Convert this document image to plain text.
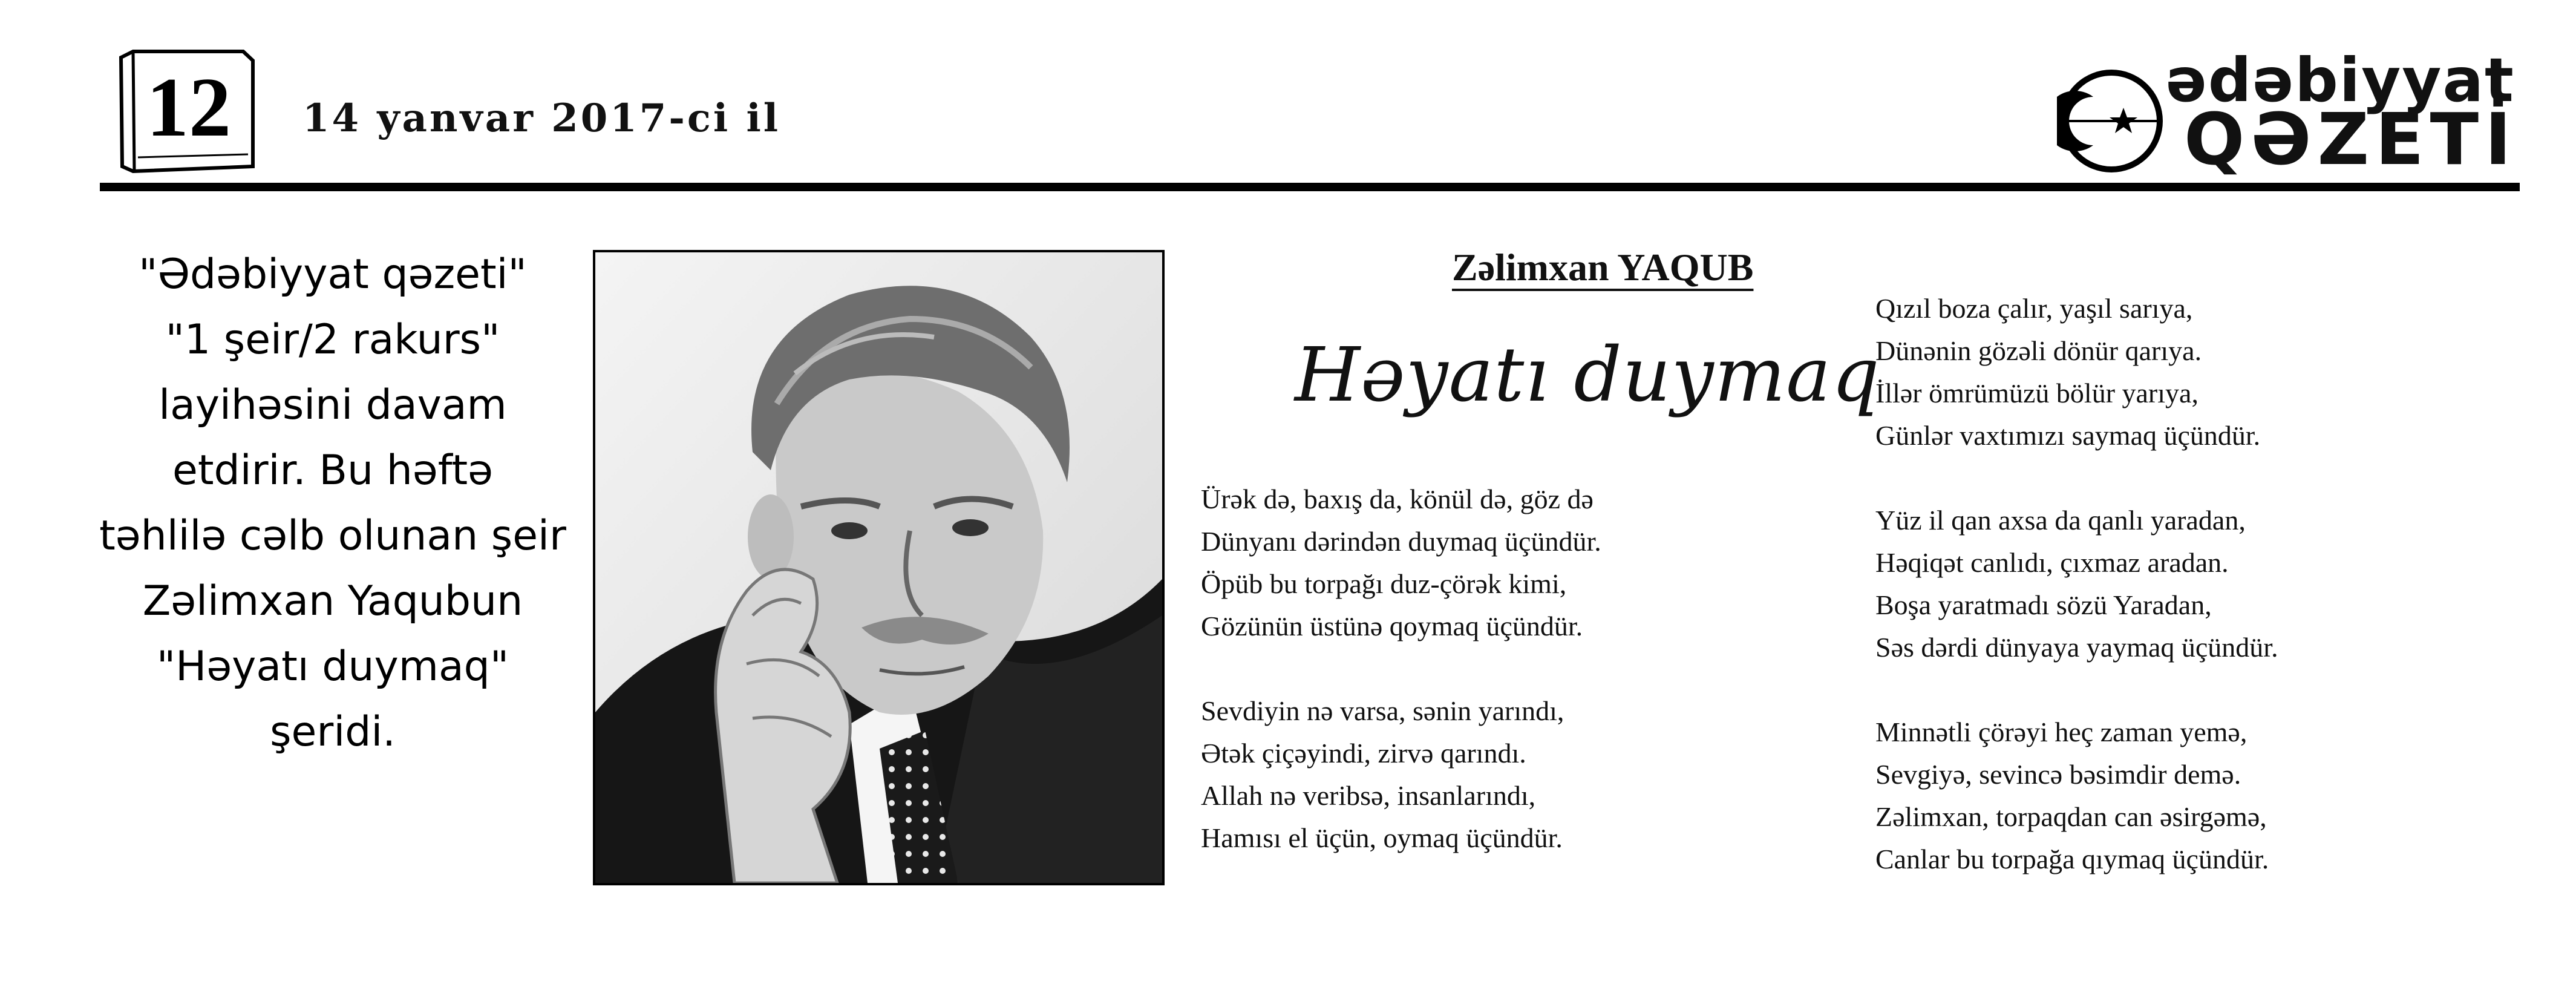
12 14 yanvar 2017-ci il
ədəbiyyat
QƏZETİ
"Ədəbiyyat qəzeti"
"1 şeir/2 rakurs"
layihəsini davam
etdirir. Bu həftə
təhlilə cəlb olunan şeir
Zəlimxan Yaqubun
"Həyatı duymaq"
şeridi.
Zəlimxan YAQUB
Həyatı duymaq
Ürək də, baxış da, könül də, göz də
Dünyanı dərindən duymaq üçündür.
Öpüb bu torpağı duz-çörək kimi,
Gözünün üstünə qoymaq üçündür.
Sevdiyin nə varsa, sənin yarındı,
Ətək çiçəyindi, zirvə qarındı.
Allah nə veribsə, insanlarındı,
Hamısı el üçün, oymaq üçündür.
Qızıl boza çalır, yaşıl sarıya,
Dünənin gözəli dönür qarıya.
İllər ömrümüzü bölür yarıya,
Günlər vaxtımızı saymaq üçündür.
Yüz il qan axsa da qanlı yaradan,
Həqiqət canlıdı, çıxmaz aradan.
Boşa yaratmadı sözü Yaradan,
Səs dərdi dünyaya yaymaq üçündür.
Minnətli çörəyi heç zaman yemə,
Sevgiyə, sevincə bəsimdir demə.
Zəlimxan, torpaqdan can əsirgəmə,
Canlar bu torpağa qıymaq üçündür.
